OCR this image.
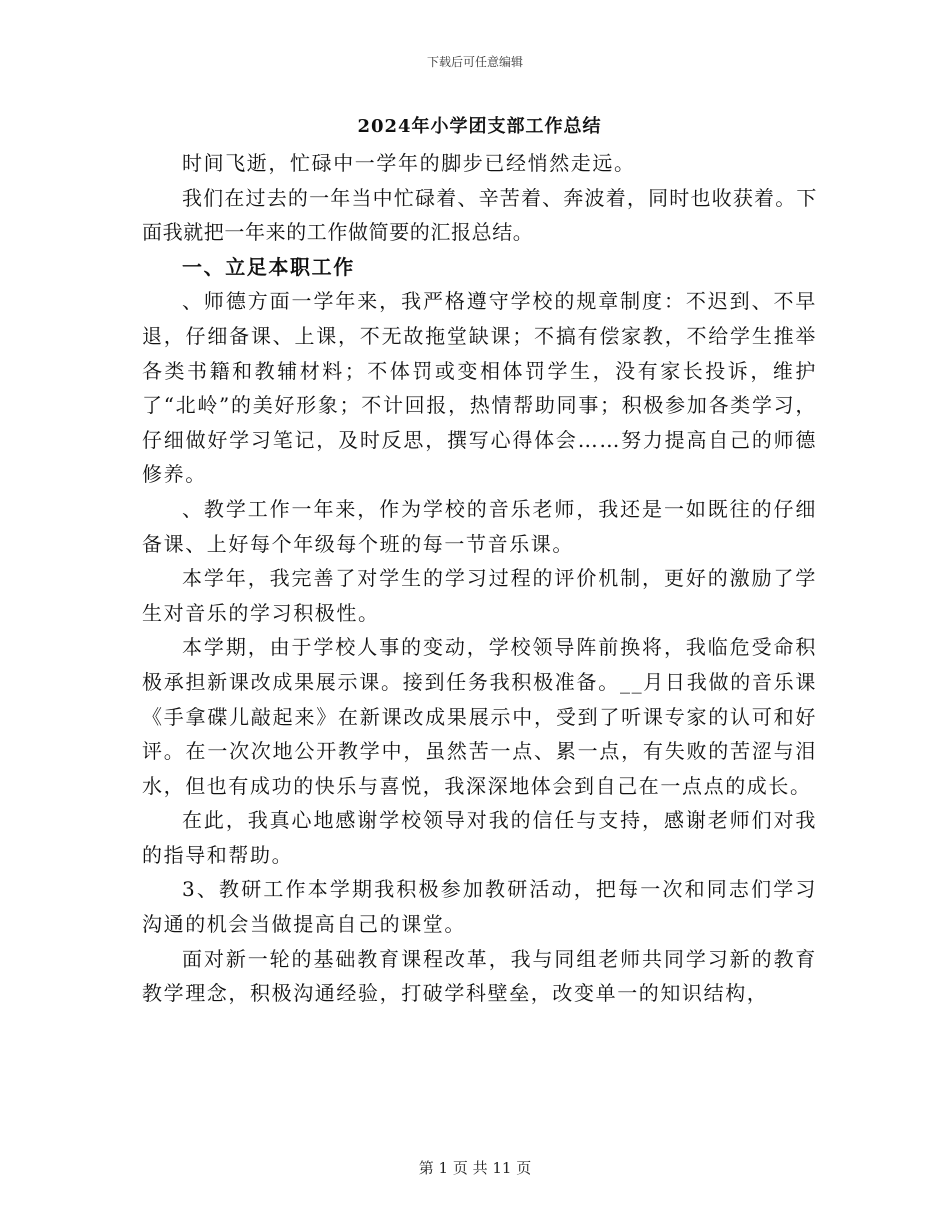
下载后可任意编辑
2024年小学团支部工作总结

时间飞逝，忙碌中一学年的脚步已经悄然走远。

我们在过去的一年当中忙碌着、辛苦着、奔波着，同时也收获着。下面我就把一年来的工作做简要的汇报总结。

一、立足本职工作

、师德方面一学年来，我严格遵守学校的规章制度：不迟到、不早退，仔细备课、上课，不无故拖堂缺课；不搞有偿家教，不给学生推举各类书籍和教辅材料；不体罚或变相体罚学生，没有家长投诉，维护了“北岭”的美好形象；不计回报，热情帮助同事；积极参加各类学习，仔细做好学习笔记，及时反思，撰写心得体会……努力提高自己的师德修养。

、教学工作一年来，作为学校的音乐老师，我还是一如既往的仔细备课、上好每个年级每个班的每一节音乐课。

本学年，我完善了对学生的学习过程的评价机制，更好的激励了学生对音乐的学习积极性。

本学期，由于学校人事的变动，学校领导阵前换将，我临危受命积极承担新课改成果展示课。接到任务我积极准备。__月日我做的音乐课《手拿碟儿敲起来》在新课改成果展示中，受到了听课专家的认可和好评。在一次次地公开教学中，虽然苦一点、累一点，有失败的苦涩与泪水，但也有成功的快乐与喜悦，我深深地体会到自己在一点点的成长。

在此，我真心地感谢学校领导对我的信任与支持，感谢老师们对我的指导和帮助。

3、教研工作本学期我积极参加教研活动，把每一次和同志们学习沟通的机会当做提高自己的课堂。

面对新一轮的基础教育课程改革，我与同组老师共同学习新的教育教学理念，积极沟通经验，打破学科壁垒，改变单一的知识结构，

第 1 页 共 11 页
